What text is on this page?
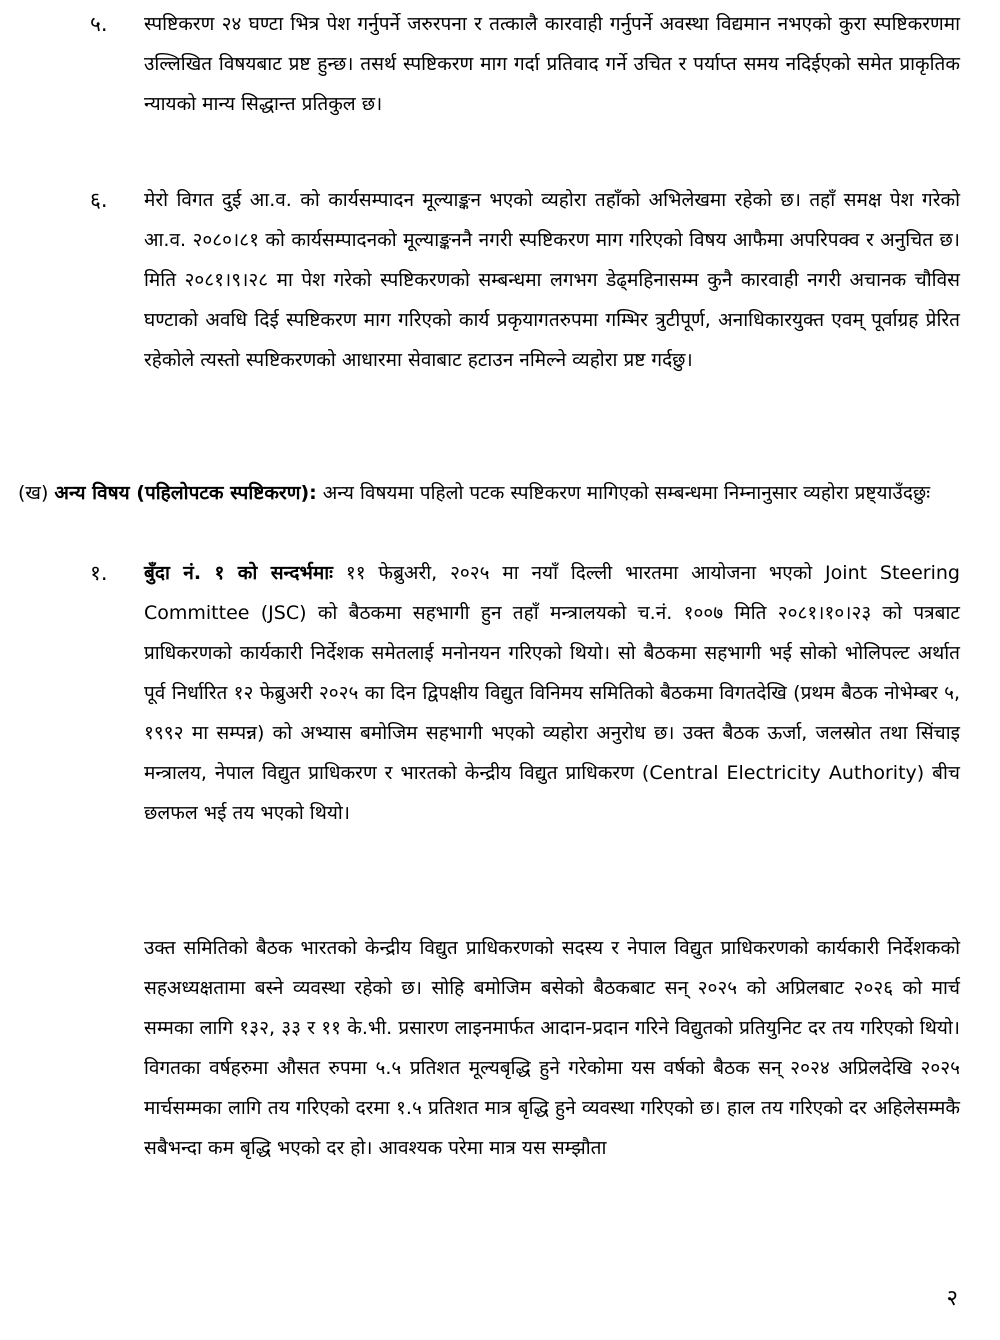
५.	स्पष्टिकरण २४ घण्टा भित्र पेश गर्नुपर्ने जरुरपना र तत्कालै कारवाही गर्नुपर्ने अवस्था विद्यमान नभएको कुरा स्पष्टिकरणमा उल्लिखित विषयबाट प्रष्ट हुन्छ। तसर्थ स्पष्टिकरण माग गर्दा प्रतिवाद गर्ने उचित र पर्याप्त समय नदिईएको समेत प्राकृतिक न्यायको मान्य सिद्धान्त प्रतिकुल छ।
६.	मेरो विगत दुई आ.व. को कार्यसम्पादन मूल्याङ्कन भएको व्यहोरा तहाँको अभिलेखमा रहेको छ। तहाँ समक्ष पेश गरेको आ.व. २०८०।८१ को कार्यसम्पादनको मूल्याङ्कननै नगरी स्पष्टिकरण माग गरिएको विषय आफैमा अपरिपक्व र अनुचित छ। मिति २०८१।९।२८ मा पेश गरेको स्पष्टिकरणको सम्बन्धमा लगभग डेढ्महिनासम्म कुनै कारवाही नगरी अचानक चौविस घण्टाको अवधि दिई स्पष्टिकरण माग गरिएको कार्य प्रकृयागतरुपमा गम्भिर त्रुटीपूर्ण, अनाधिकारयुक्त एवम् पूर्वाग्रह प्रेरित रहेकोले त्यस्तो स्पष्टिकरणको आधारमा सेवाबाट हटाउन नमिल्ने व्यहोरा प्रष्ट गर्दछु।
(ख) अन्य विषय (पहिलोपटक स्पष्टिकरण): अन्य विषयमा पहिलो पटक स्पष्टिकरण मागिएको सम्बन्धमा निम्नानुसार व्यहोरा प्रष्ट्याउँदछुः
१.	बुँदा नं. १ को सन्दर्भमाः ११ फेब्रुअरी, २०२५ मा नयाँ दिल्ली भारतमा आयोजना भएको Joint Steering Committee (JSC) को बैठकमा सहभागी हुन तहाँ मन्त्रालयको च.नं. १००७ मिति २०८१।१०।२३ को पत्रबाट प्राधिकरणको कार्यकारी निर्देशक समेतलाई मनोनयन गरिएको थियो। सो बैठकमा सहभागी भई सोको भोलिपल्ट अर्थात पूर्व निर्धारित १२ फेब्रुअरी २०२५ का दिन द्विपक्षीय विद्युत विनिमय समितिको बैठकमा विगतदेखि (प्रथम बैठक नोभेम्बर ५, १९९२ मा सम्पन्न) को अभ्यास बमोजिम सहभागी भएको व्यहोरा अनुरोध छ। उक्त बैठक ऊर्जा, जलस्रोत तथा सिंचाइ मन्त्रालय, नेपाल विद्युत प्राधिकरण र भारतको केन्द्रीय विद्युत प्राधिकरण (Central Electricity Authority) बीच छलफल भई तय भएको थियो।
उक्त समितिको बैठक भारतको केन्द्रीय विद्युत प्राधिकरणको सदस्य र नेपाल विद्युत प्राधिकरणको कार्यकारी निर्देशकको सहअध्यक्षतामा बस्ने व्यवस्था रहेको छ। सोहि बमोजिम बसेको बैठकबाट सन् २०२५ को अप्रिलबाट २०२६ को मार्च सम्मका लागि १३२, ३३ र ११ के.भी. प्रसारण लाइनमार्फत आदान-प्रदान गरिने विद्युतको प्रतियुनिट दर तय गरिएको थियो। विगतका वर्षहरुमा औसत रुपमा ५.५ प्रतिशत मूल्यबृद्धि हुने गरेकोमा यस वर्षको बैठक सन् २०२४ अप्रिलदेखि २०२५ मार्चसम्मका लागि तय गरिएको दरमा १.५ प्रतिशत मात्र बृद्धि हुने व्यवस्था गरिएको छ। हाल तय गरिएको दर अहिलेसम्मकै सबैभन्दा कम बृद्धि भएको दर हो। आवश्यक परेमा मात्र यस सम्झौता
२
